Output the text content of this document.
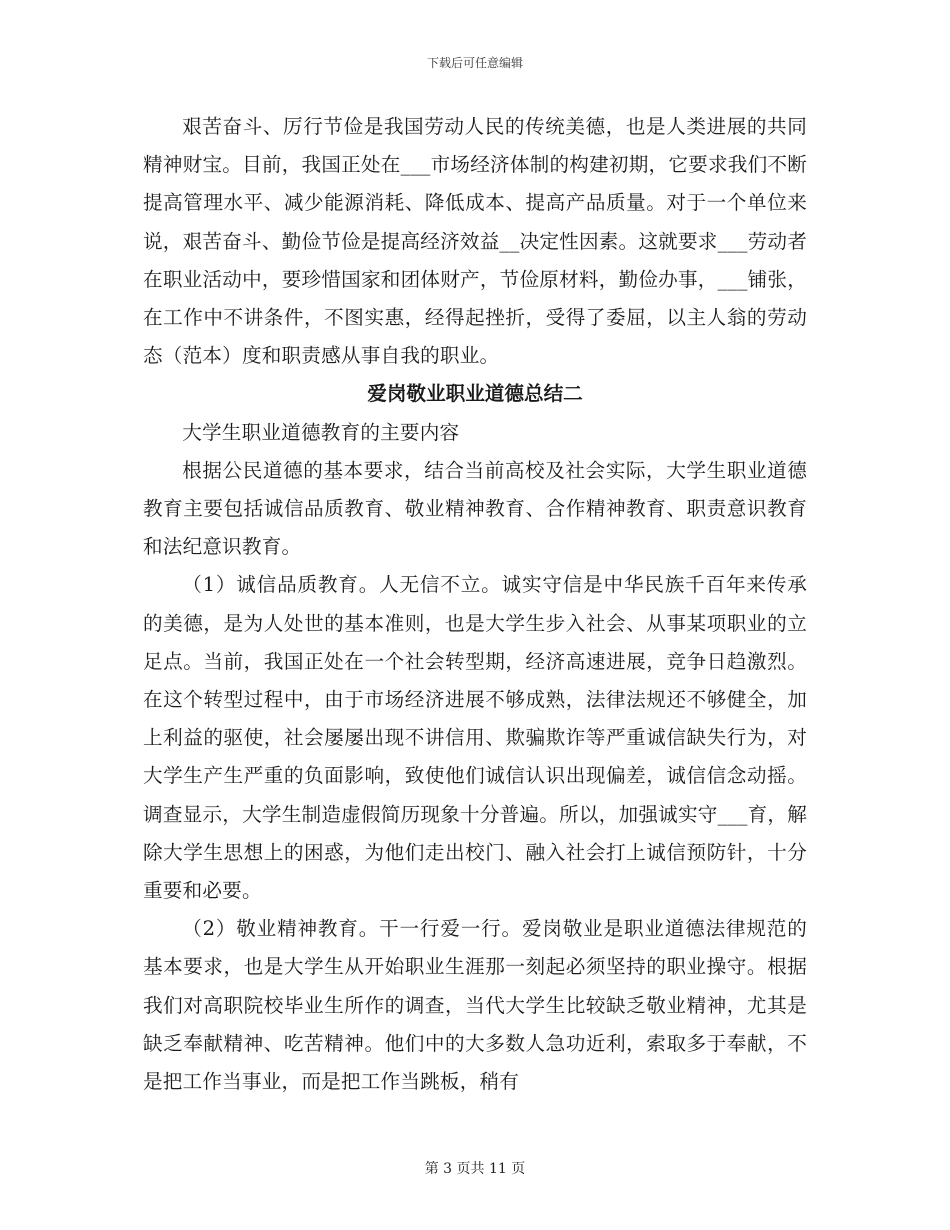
下载后可任意编辑

艰苦奋斗、厉行节俭是我国劳动人民的传统美德，也是人类进展的共同精神财宝。目前，我国正处在___市场经济体制的构建初期，它要求我们不断提高管理水平、减少能源消耗、降低成本、提高产品质量。对于一个单位来说，艰苦奋斗、勤俭节俭是提高经济效益__决定性因素。这就要求___劳动者在职业活动中，要珍惜国家和团体财产，节俭原材料，勤俭办事，___铺张，在工作中不讲条件，不图实惠，经得起挫折，受得了委屈，以主人翁的劳动态（范本）度和职责感从事自我的职业。

爱岗敬业职业道德总结二

大学生职业道德教育的主要内容

根据公民道德的基本要求，结合当前高校及社会实际，大学生职业道德教育主要包括诚信品质教育、敬业精神教育、合作精神教育、职责意识教育和法纪意识教育。

（1）诚信品质教育。人无信不立。诚实守信是中华民族千百年来传承的美德，是为人处世的基本准则，也是大学生步入社会、从事某项职业的立足点。当前，我国正处在一个社会转型期，经济高速进展，竞争日趋激烈。在这个转型过程中，由于市场经济进展不够成熟，法律法规还不够健全，加上利益的驱使，社会屡屡出现不讲信用、欺骗欺诈等严重诚信缺失行为，对大学生产生严重的负面影响，致使他们诚信认识出现偏差，诚信信念动摇。调查显示，大学生制造虚假简历现象十分普遍。所以，加强诚实守___育，解除大学生思想上的困惑，为他们走出校门、融入社会打上诚信预防针，十分重要和必要。

（2）敬业精神教育。干一行爱一行。爱岗敬业是职业道德法律规范的基本要求，也是大学生从开始职业生涯那一刻起必须坚持的职业操守。根据我们对高职院校毕业生所作的调查，当代大学生比较缺乏敬业精神，尤其是缺乏奉献精神、吃苦精神。他们中的大多数人急功近利，索取多于奉献，不是把工作当事业，而是把工作当跳板，稍有

第 3 页共 11 页
